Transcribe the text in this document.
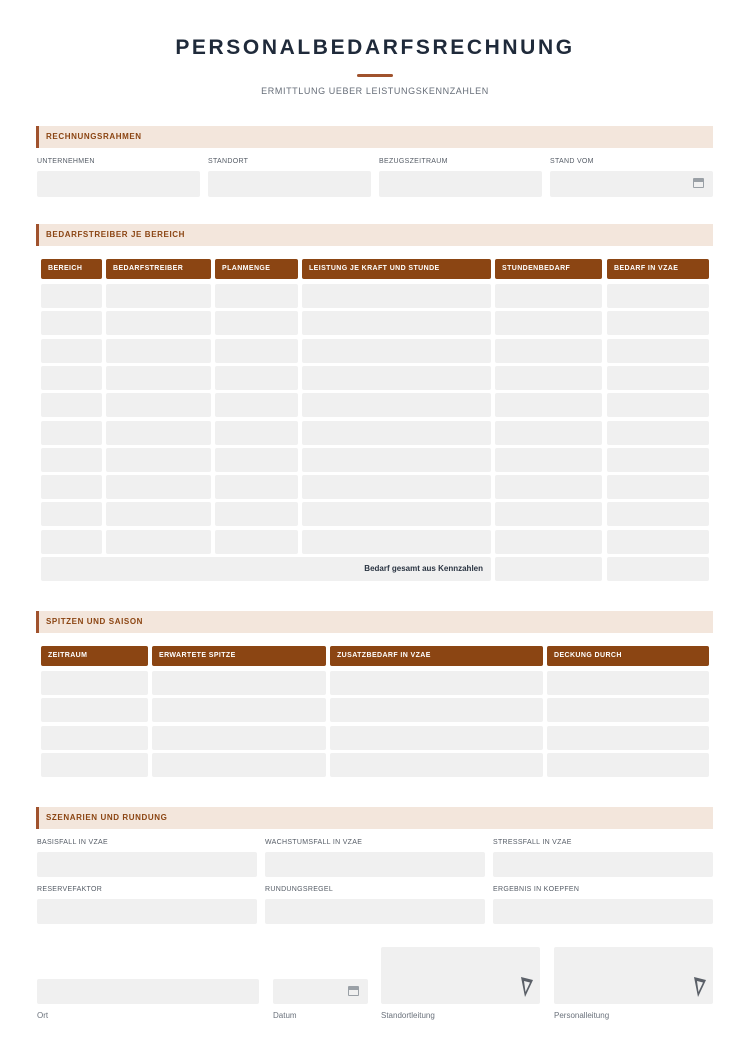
PERSONALBEDARFSRECHNUNG
ERMITTLUNG UEBER LEISTUNGSKENNZAHLEN
RECHNUNGSRAHMEN
UNTERNEHMEN	STANDORT	BEZUGSZEITRAUM	STAND VOM
BEDARFSTREIBER JE BEREICH
BEREICH	BEDARFSTREIBER	PLANMENGE	LEISTUNG JE KRAFT UND STUNDE	STUNDENBEDARF	BEDARF IN VZAE
Bedarf gesamt aus Kennzahlen
SPITZEN UND SAISON
ZEITRAUM	ERWARTETE SPITZE	ZUSATZBEDARF IN VZAE	DECKUNG DURCH
SZENARIEN UND RUNDUNG
BASISFALL IN VZAE	WACHSTUMSFALL IN VZAE	STRESSFALL IN VZAE
RESERVEFAKTOR	RUNDUNGSREGEL	ERGEBNIS IN KOEPFEN
Ort	Datum	Standortleitung	Personalleitung
